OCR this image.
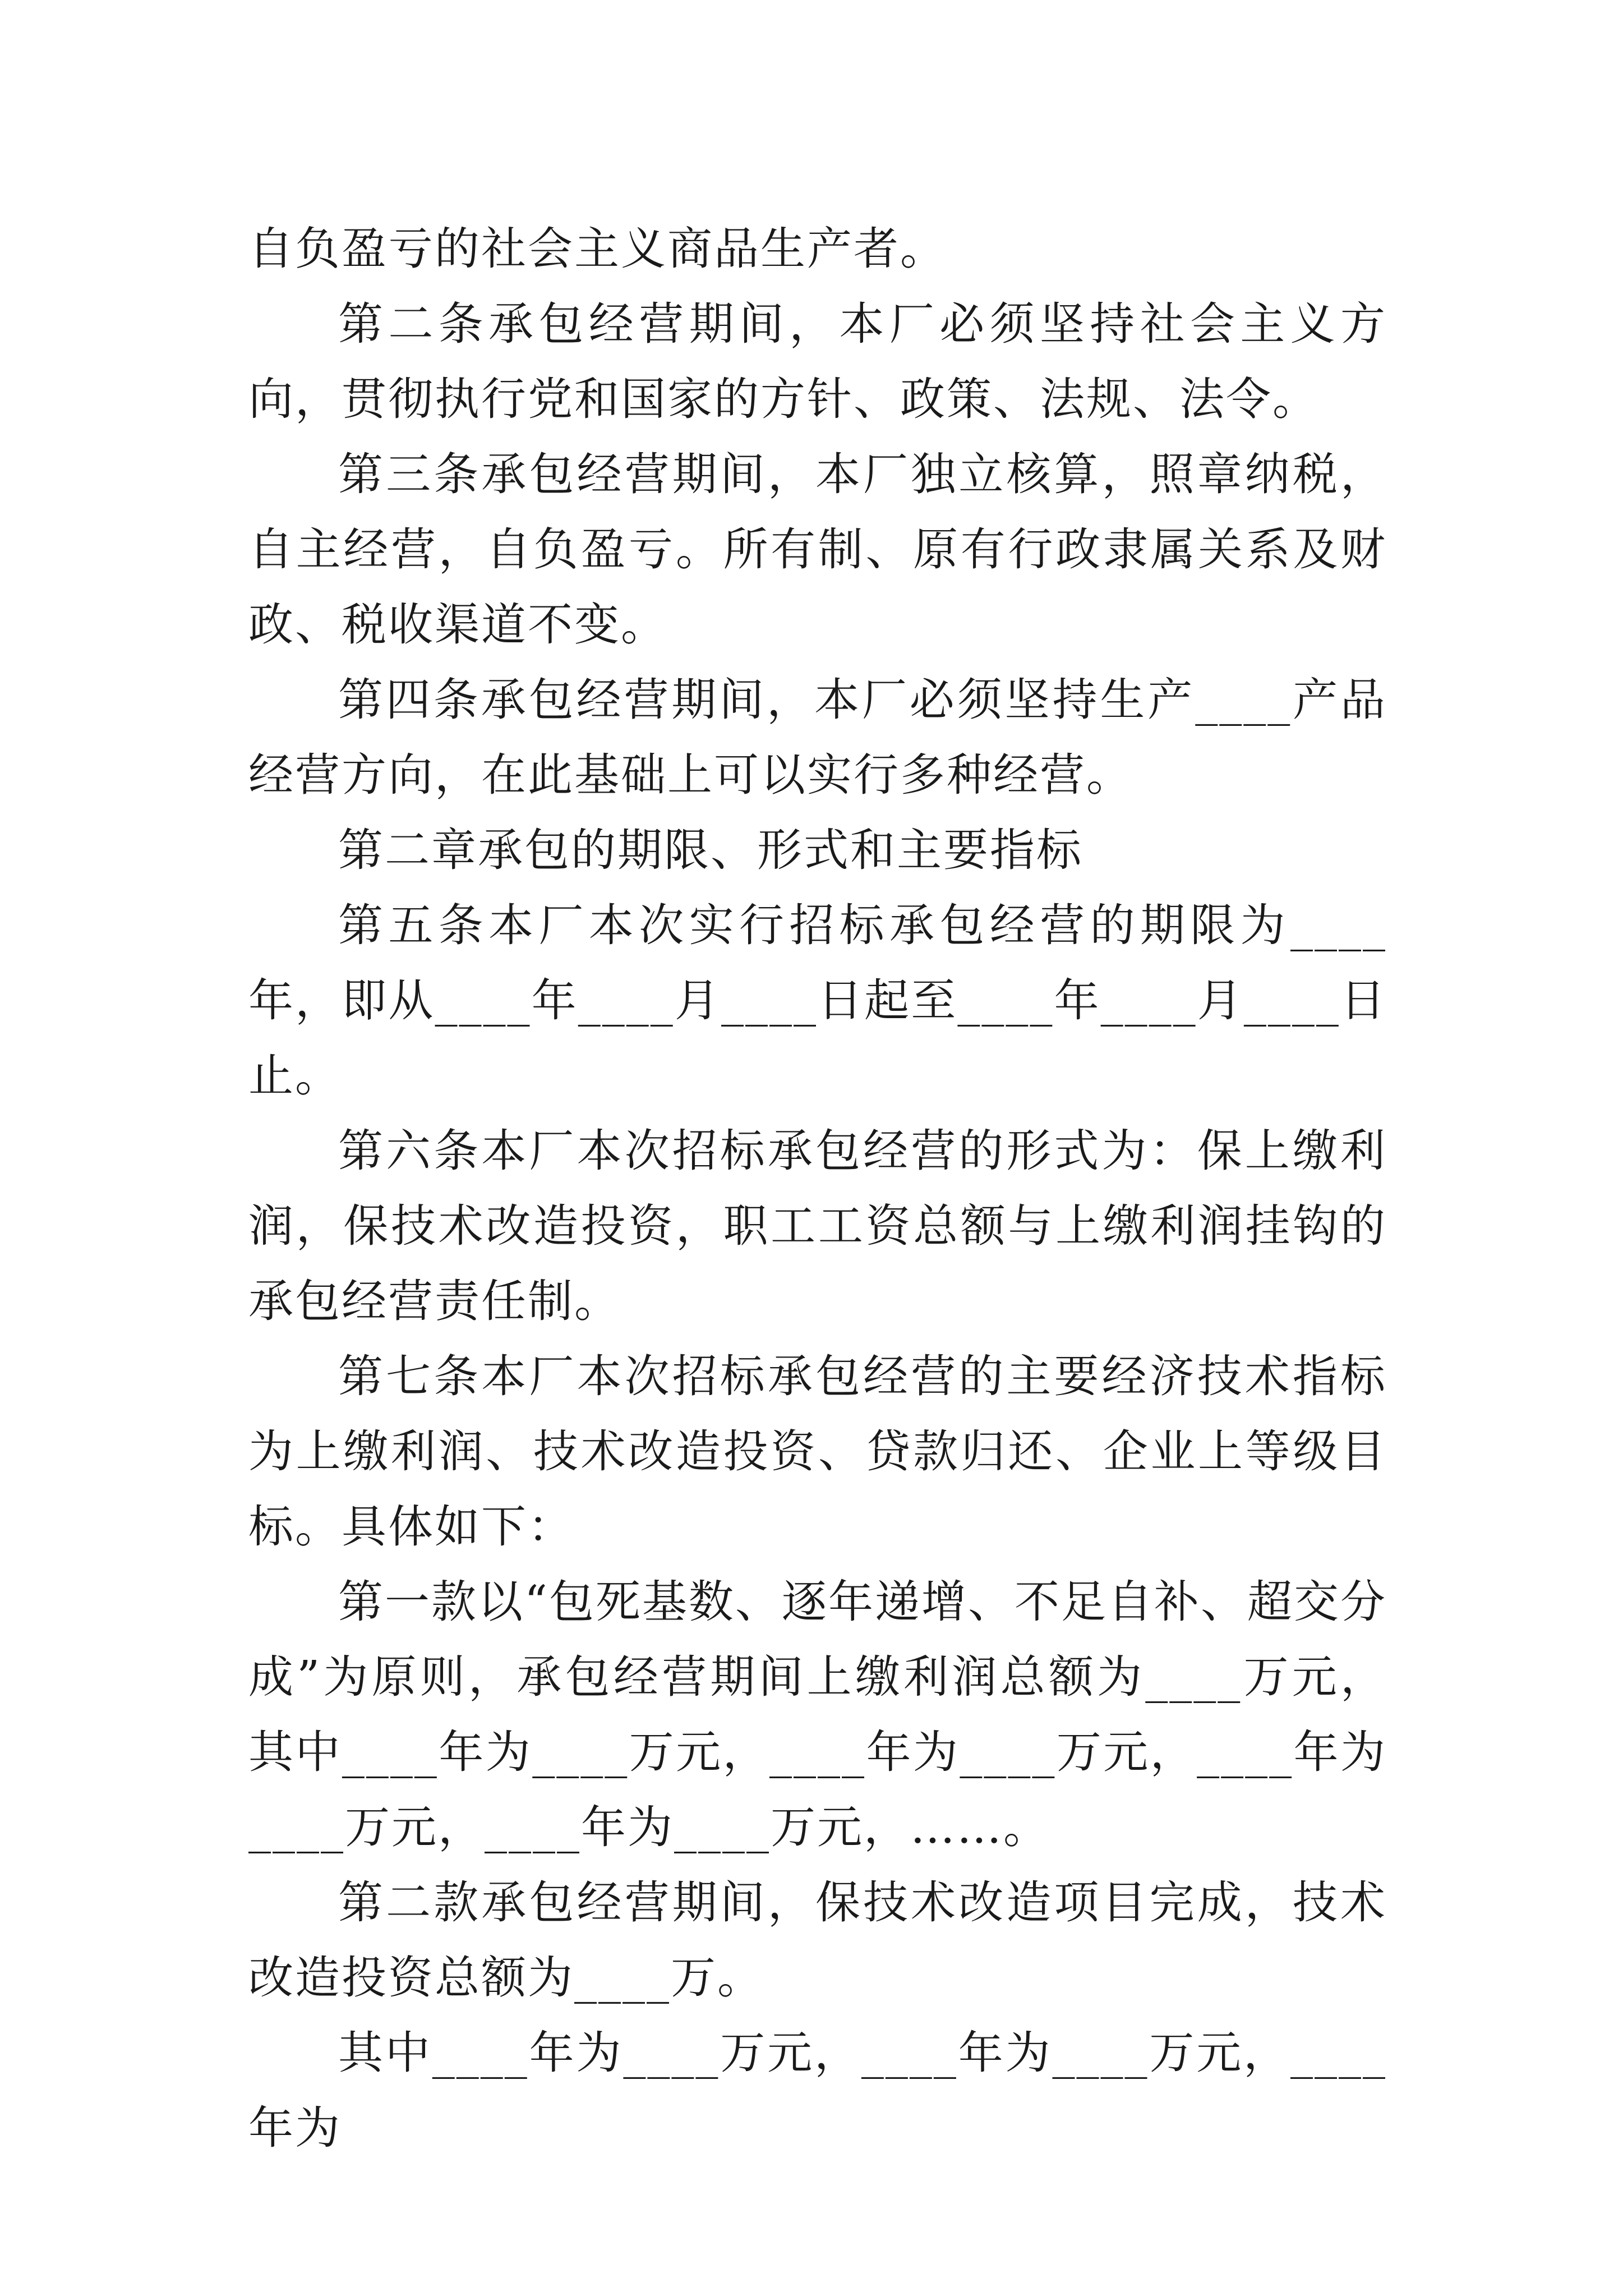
自负盈亏的社会主义商品生产者。

第二条承包经营期间，本厂必须坚持社会主义方向，贯彻执行党和国家的方针、政策、法规、法令。

第三条承包经营期间，本厂独立核算，照章纳税，自主经营，自负盈亏。所有制、原有行政隶属关系及财政、税收渠道不变。

第四条承包经营期间，本厂必须坚持生产____产品经营方向，在此基础上可以实行多种经营。

第二章承包的期限、形式和主要指标

第五条本厂本次实行招标承包经营的期限为____年，即从____年____月____日起至____年____月____日止。

第六条本厂本次招标承包经营的形式为：保上缴利润，保技术改造投资，职工工资总额与上缴利润挂钩的承包经营责任制。

第七条本厂本次招标承包经营的主要经济技术指标为上缴利润、技术改造投资、贷款归还、企业上等级目标。具体如下：

第一款以“包死基数、逐年递增、不足自补、超交分成”为原则，承包经营期间上缴利润总额为____万元，其中____年为____万元，____年为____万元，____年为____万元，____年为____万元，……。

第二款承包经营期间，保技术改造项目完成，技术改造投资总额为____万。

其中____年为____万元，____年为____万元，____年为
